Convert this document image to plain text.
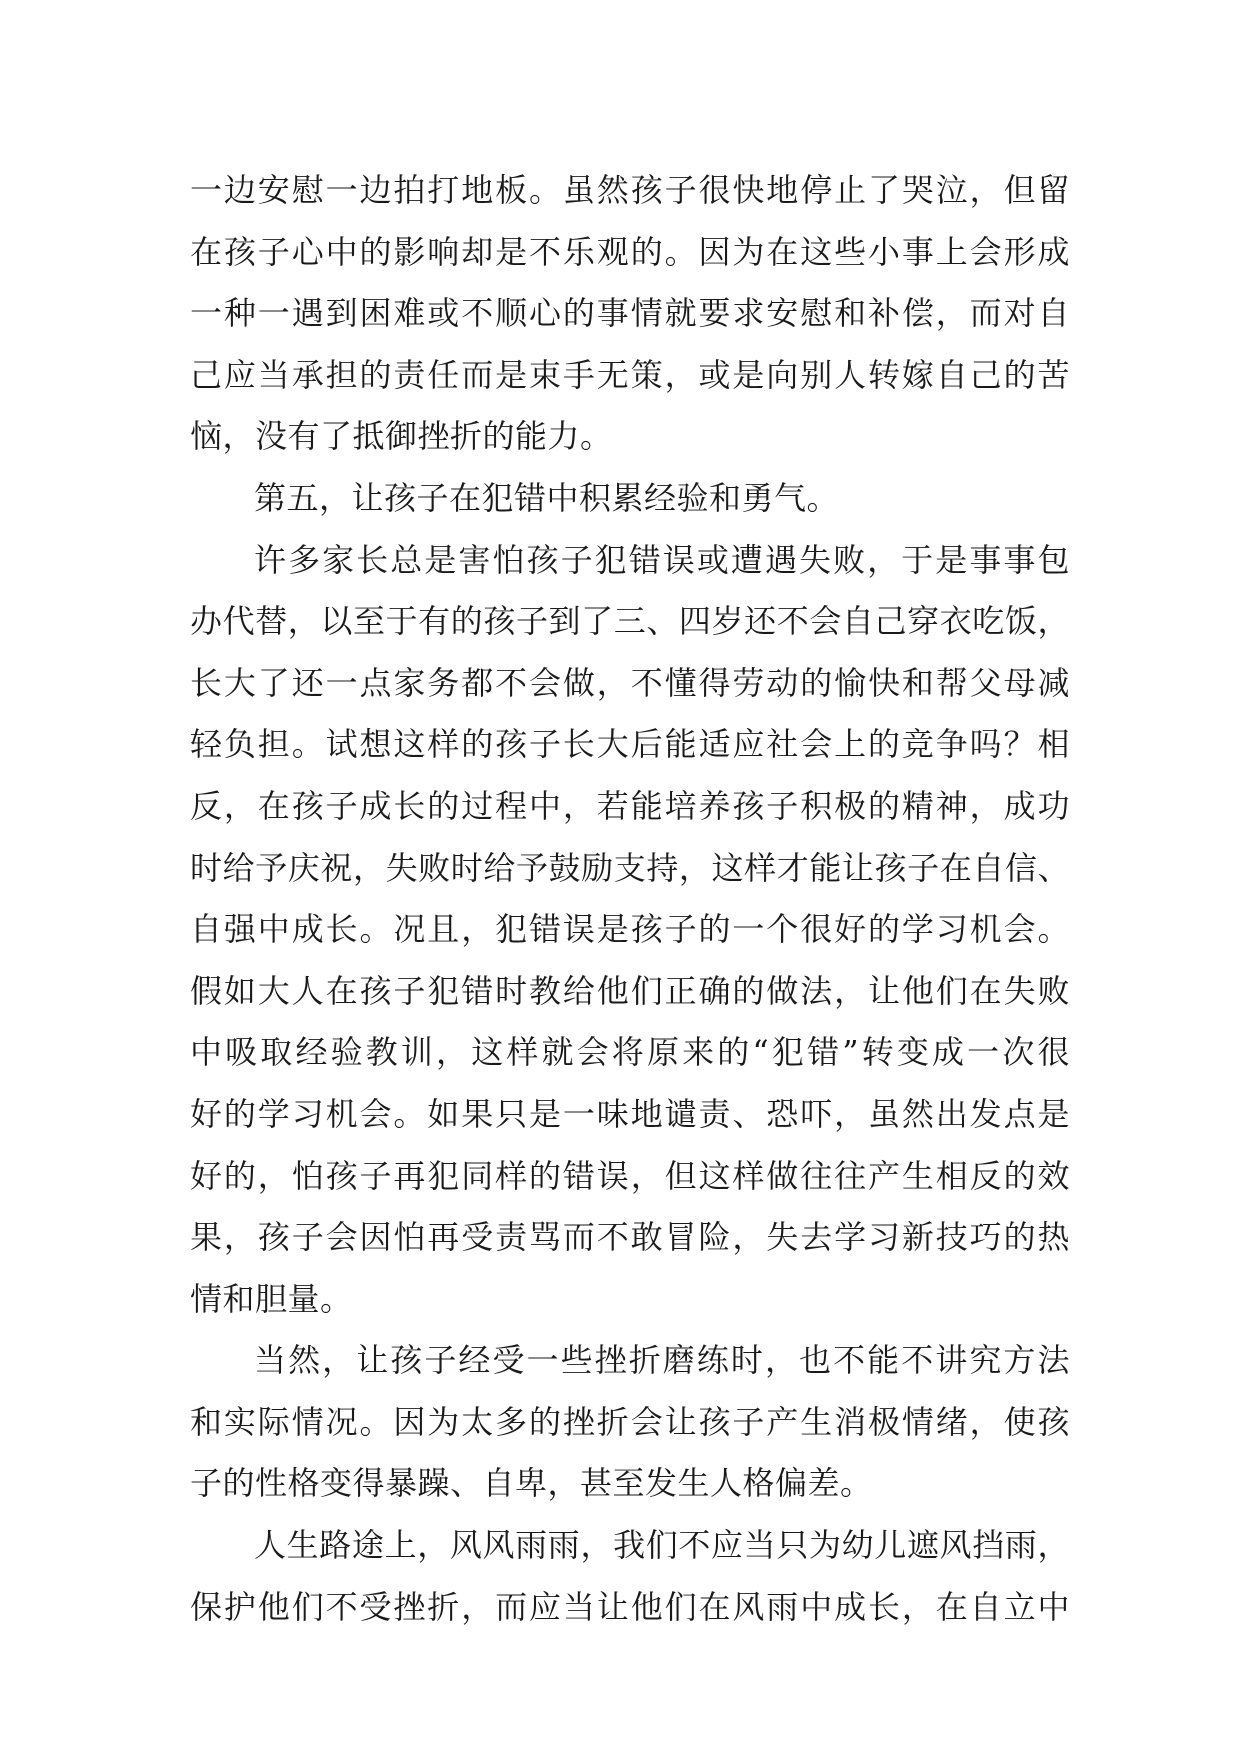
一边安慰一边拍打地板。虽然孩子很快地停止了哭泣，但留
在孩子心中的影响却是不乐观的。因为在这些小事上会形成
一种一遇到困难或不顺心的事情就要求安慰和补偿，而对自
己应当承担的责任而是束手无策，或是向别人转嫁自己的苦
恼，没有了抵御挫折的能力。
第五，让孩子在犯错中积累经验和勇气。
许多家长总是害怕孩子犯错误或遭遇失败，于是事事包
办代替，以至于有的孩子到了三、四岁还不会自己穿衣吃饭，
长大了还一点家务都不会做，不懂得劳动的愉快和帮父母减
轻负担。试想这样的孩子长大后能适应社会上的竞争吗？相
反，在孩子成长的过程中，若能培养孩子积极的精神，成功
时给予庆祝，失败时给予鼓励支持，这样才能让孩子在自信、
自强中成长。况且，犯错误是孩子的一个很好的学习机会。
假如大人在孩子犯错时教给他们正确的做法，让他们在失败
中吸取经验教训，这样就会将原来的“犯错”转变成一次很
好的学习机会。如果只是一味地谴责、恐吓，虽然出发点是
好的，怕孩子再犯同样的错误，但这样做往往产生相反的效
果，孩子会因怕再受责骂而不敢冒险，失去学习新技巧的热
情和胆量。
当然，让孩子经受一些挫折磨练时，也不能不讲究方法
和实际情况。因为太多的挫折会让孩子产生消极情绪，使孩
子的性格变得暴躁、自卑，甚至发生人格偏差。
人生路途上，风风雨雨，我们不应当只为幼儿遮风挡雨，
保护他们不受挫折，而应当让他们在风雨中成长，在自立中
